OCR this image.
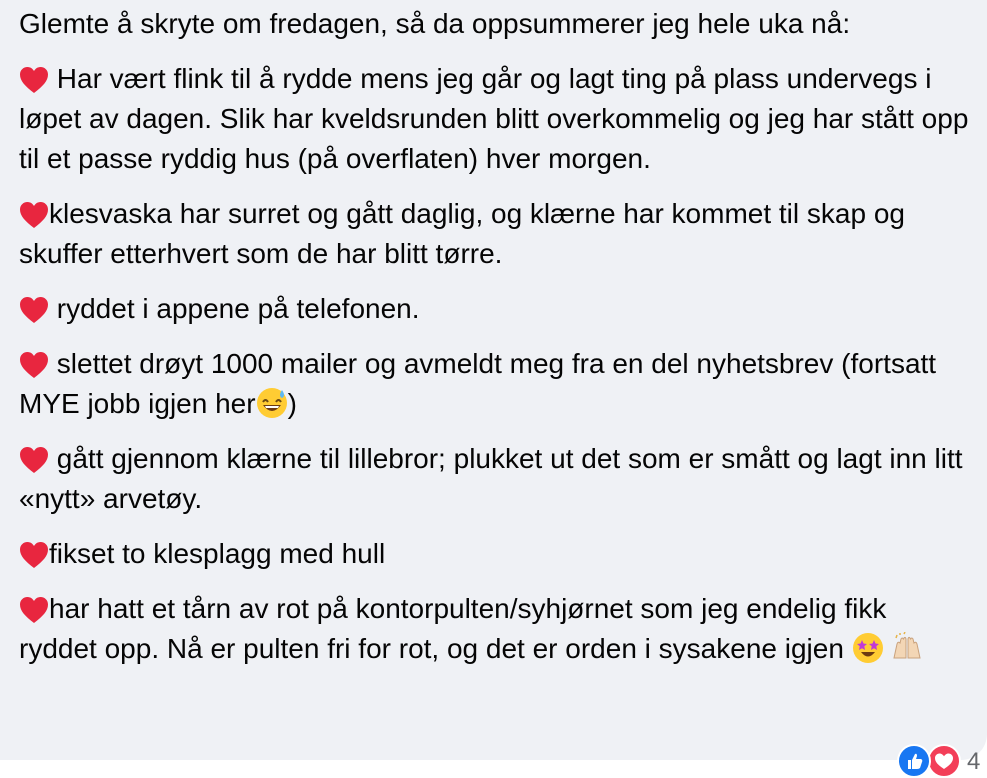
Glemte å skryte om fredagen, så da oppsummerer jeg hele uka nå:

Har vært flink til å rydde mens jeg går og lagt ting på plass undervegs i løpet av dagen. Slik har kveldsrunden blitt overkommelig og jeg har stått opp til et passe ryddig hus (på overflaten) hver morgen.

klesvaska har surret og gått daglig, og klærne har kommet til skap og skuffer etterhvert som de har blitt tørre.

ryddet i appene på telefonen.

slettet drøyt 1000 mailer og avmeldt meg fra en del nyhetsbrev (fortsatt MYE jobb igjen her )

gått gjennom klærne til lillebror; plukket ut det som er smått og lagt inn litt «nytt» arvetøy.

fikset to klesplagg med hull

har hatt et tårn av rot på kontorpulten/syhjørnet som jeg endelig fikk ryddet opp. Nå er pulten fri for rot, og det er orden i sysakene igjen

4
